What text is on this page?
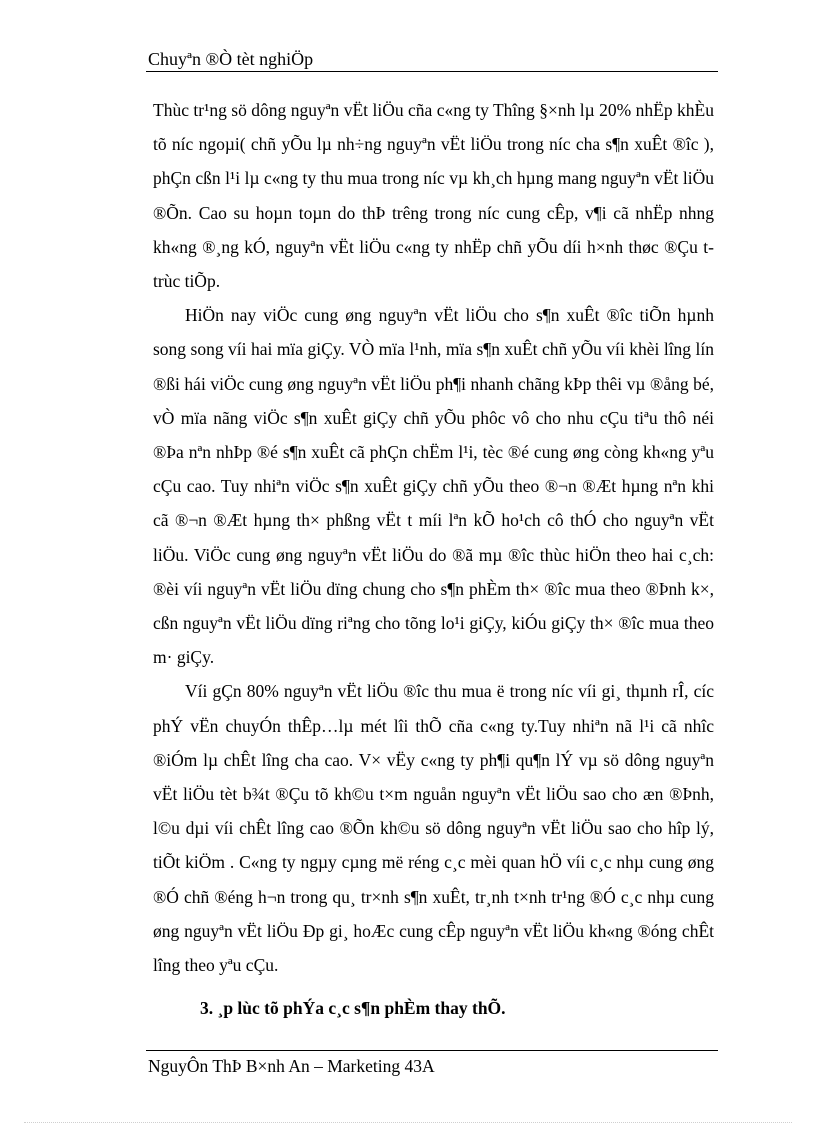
Chuyªn ®Ò tèt nghiÖp

Thùc tr¹ng sö dông nguyªn vËt liÖu cña c«ng ty Thîng §×nh lµ 20% nhËp khÈu tõ níc ngoµi( chñ yÕu lµ nh÷ng nguyªn vËt liÖu trong níc cha s¶n xuÊt ®îc ), phÇn cßn l¹i lµ c«ng ty thu mua trong níc vµ kh¸ch hµng mang nguyªn vËt liÖu ®Õn. Cao su hoµn toµn do thÞ trêng trong níc cung cÊp, v¶i cã nhËp nhng kh«ng ®¸ng kÓ, nguyªn vËt liÖu c«ng ty nhËp chñ yÕu díi h×nh thøc ®Çu t trùc tiÕp.

HiÖn nay viÖc cung øng nguyªn vËt liÖu cho s¶n xuÊt ®îc tiÕn hµnh song song víi hai mïa giÇy. VÒ mïa l¹nh, mïa s¶n xuÊt chñ yÕu víi khèi lîng lín ®ßi hái viÖc cung øng nguyªn vËt liÖu ph¶i nhanh chãng kÞp thêi vµ ®ång bé, vÒ mïa nãng viÖc s¶n xuÊt giÇy chñ yÕu phôc vô cho nhu cÇu tiªu thô néi ®Þa nªn nhÞp ®é s¶n xuÊt cã phÇn chËm l¹i, tèc ®é cung øng còng kh«ng yªu cÇu cao. Tuy nhiªn viÖc s¶n xuÊt giÇy chñ yÕu theo ®¬n ®Æt hµng nªn khi cã ®¬n ®Æt hµng th× phßng vËt t míi lªn kÕ ho¹ch cô thÓ cho nguyªn vËt liÖu. ViÖc cung øng nguyªn vËt liÖu do ®ã mµ ®îc thùc hiÖn theo hai c¸ch: ®èi víi nguyªn vËt liÖu dïng chung cho s¶n phÈm th× ®îc mua theo ®Þnh k×, cßn nguyªn vËt liÖu dïng riªng cho tõng lo¹i giÇy, kiÓu giÇy th× ®îc mua theo m· giÇy.

Víi gÇn 80% nguyªn vËt liÖu ®îc thu mua ë trong níc víi gi¸ thµnh rÎ, cíc phÝ vËn chuyÓn thÊp…lµ mét lîi thÕ cña c«ng ty.Tuy nhiªn nã l¹i cã nhîc ®iÓm lµ chÊt lîng cha cao. V× vËy c«ng ty ph¶i qu¶n lÝ vµ sö dông nguyªn vËt liÖu tèt b¾t ®Çu tõ kh©u t×m nguån nguyªn vËt liÖu sao cho æn ®Þnh, l©u dµi víi chÊt lîng cao ®Õn kh©u sö dông nguyªn vËt liÖu sao cho hîp lý, tiÕt kiÖm . C«ng ty ngµy cµng më réng c¸c mèi quan hÖ víi c¸c nhµ cung øng ®Ó chñ ®éng h¬n trong qu¸ tr×nh s¶n xuÊt, tr¸nh t×nh tr¹ng ®Ó c¸c nhµ cung øng nguyªn vËt liÖu Ðp gi¸ hoÆc cung cÊp nguyªn vËt liÖu kh«ng ®óng chÊt lîng theo yªu cÇu.

3. ¸p lùc tõ phÝa c¸c s¶n phÈm thay thÕ.
NguyÔn ThÞ B×nh An – Marketing 43A
